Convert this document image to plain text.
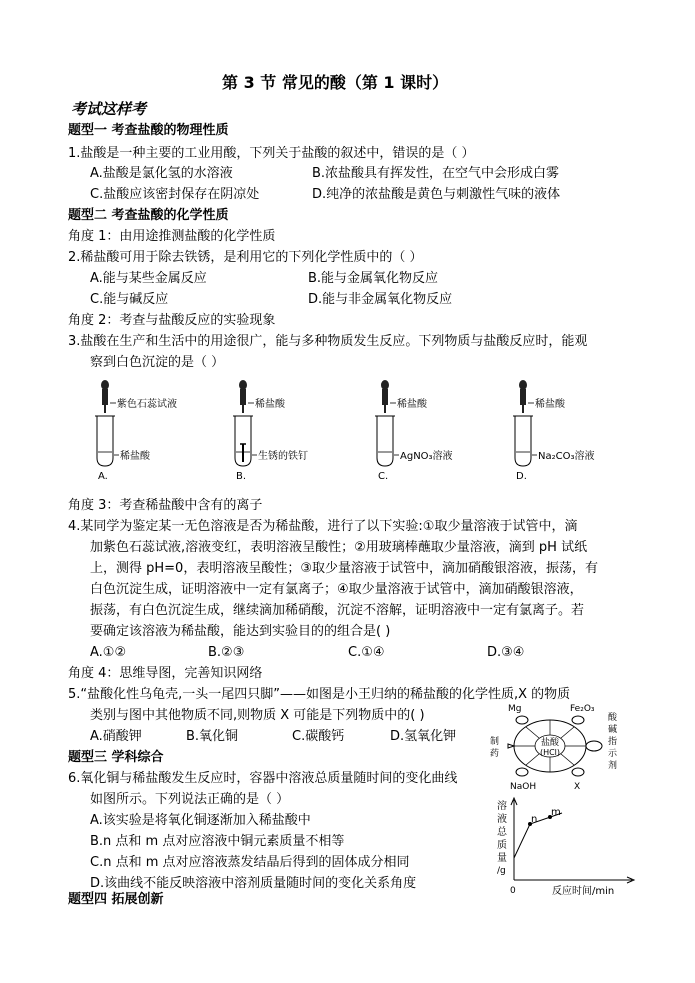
第 3 节 常见的酸（第 1 课时）
考试这样考
题型一 考查盐酸的物理性质
1.盐酸是一种主要的工业用酸，下列关于盐酸的叙述中，错误的是（ ）
A.盐酸是氯化氢的水溶液	B.浓盐酸具有挥发性，在空气中会形成白雾
C.盐酸应该密封保存在阴凉处	D.纯净的浓盐酸是黄色与刺激性气味的液体
题型二 考查盐酸的化学性质
角度 1：由用途推测盐酸的化学性质
2.稀盐酸可用于除去铁锈，是利用它的下列化学性质中的（ ）
A.能与某些金属反应	B.能与金属氧化物反应
C.能与碱反应	D.能与非金属氧化物反应
角度 2：考查与盐酸反应的实验现象
3.盐酸在生产和生活中的用途很广，能与多种物质发生反应。下列物质与盐酸反应时，能观
察到白色沉淀的是（ ）
紫色石蕊试液
稀盐酸
A.
稀盐酸
生锈的铁钉
B.
稀盐酸
AgNO₃溶液
C.
稀盐酸
Na₂CO₃溶液
D.
角度 3：考查稀盐酸中含有的离子
4.某同学为鉴定某一无色溶液是否为稀盐酸，进行了以下实验:①取少量溶液于试管中，滴
加紫色石蕊试液,溶液变红，表明溶液呈酸性；②用玻璃棒蘸取少量溶液，滴到 pH 试纸
上，测得 pH=0，表明溶液呈酸性；③取少量溶液于试管中，滴加硝酸银溶液，振荡，有
白色沉淀生成，证明溶液中一定有氯离子；④取少量溶液于试管中，滴加硝酸银溶液，
振荡，有白色沉淀生成，继续滴加稀硝酸，沉淀不溶解，证明溶液中一定有氯离子。若
要确定该溶液为稀盐酸，能达到实验目的的组合是( )
A.①②	B.②③	C.①④	D.③④
角度 4：思维导图，完善知识网络
5.“盐酸化性乌龟壳,一头一尾四只脚”——如图是小王归纳的稀盐酸的化学性质,X 的物质
类别与图中其他物质不同,则物质 X 可能是下列物质中的( )
A.硝酸钾	B.氧化铜	C.碳酸钙	D.氢氧化钾
Mg	Fe₂O₃
盐酸
(HCl)
NaOH	X
制
药
酸
碱
指
示
剂
题型三 学科综合
6.氧化铜与稀盐酸发生反应时，容器中溶液总质量随时间的变化曲线
如图所示。下列说法正确的是（ ）
A.该实验是将氧化铜逐渐加入稀盐酸中
B.n 点和 m 点对应溶液中铜元素质量不相等
C.n 点和 m 点对应溶液蒸发结晶后得到的固体成分相同
D.该曲线不能反映溶液中溶剂质量随时间的变化关系角度
溶
液
总
质
量
/g
0	反应时间/min
n
m
题型四 拓展创新
